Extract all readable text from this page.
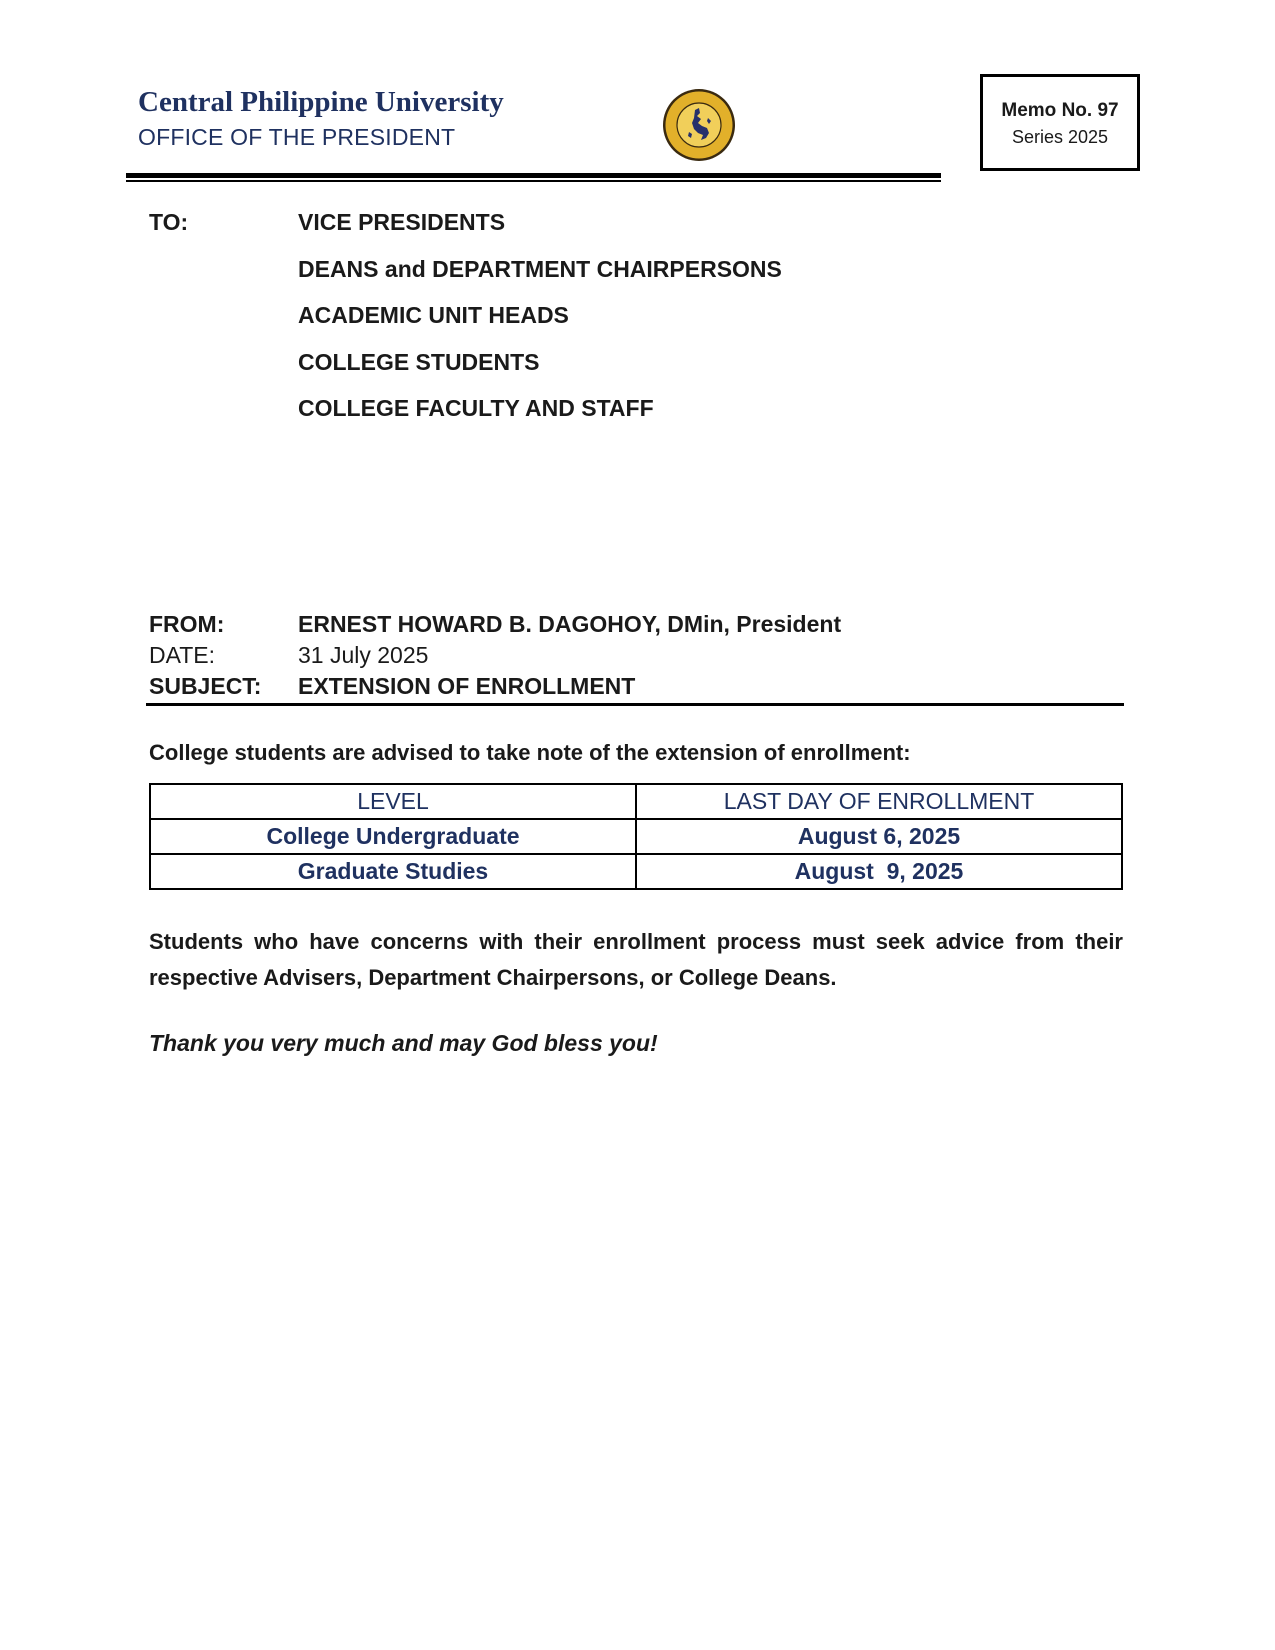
Central Philippine University
OFFICE OF THE PRESIDENT
Memo No. 97
Series 2025
TO:	VICE PRESIDENTS
DEANS and DEPARTMENT CHAIRPERSONS
ACADEMIC UNIT HEADS
COLLEGE STUDENTS
COLLEGE FACULTY AND STAFF
FROM:	ERNEST HOWARD B. DAGOHOY, DMin, President
DATE:	31 July 2025
SUBJECT: EXTENSION OF ENROLLMENT
College students are advised to take note of the extension of enrollment:
LEVEL	LAST DAY OF ENROLLMENT
College Undergraduate	August 6, 2025
Graduate Studies	August  9, 2025
Students who have concerns with their enrollment process must seek advice from their respective Advisers, Department Chairpersons, or College Deans.
Thank you very much and may God bless you!
